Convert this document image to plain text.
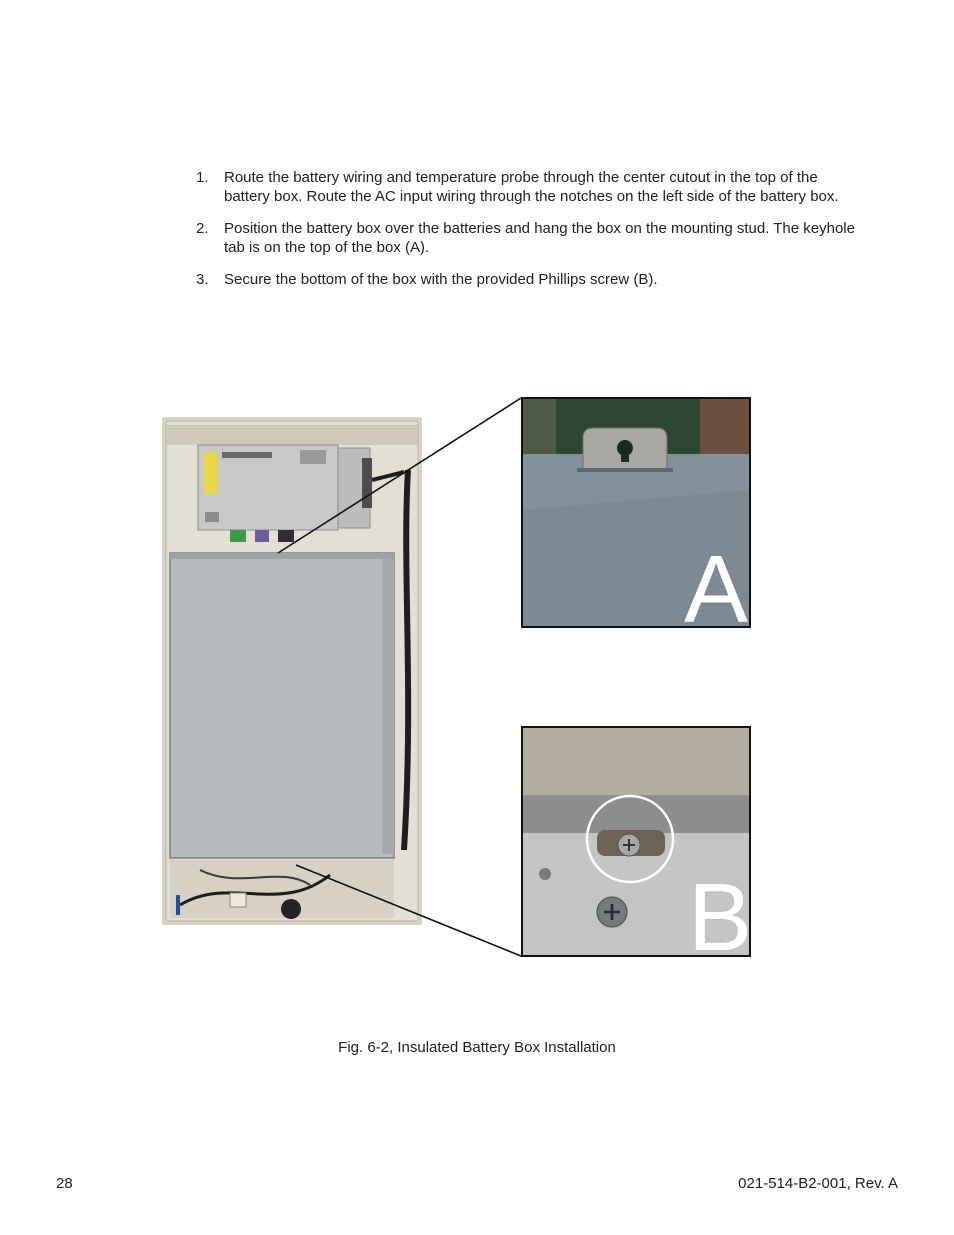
1.	Route the battery wiring and temperature probe through the center cutout in the top of the battery box. Route the AC input wiring through the notches on the left side of the battery box.
2.	Position the battery box over the batteries and hang the box on the mounting stud. The keyhole tab is on the top of the box (A).
3.	Secure the bottom of the box with the provided Phillips screw (B).
A
B
Fig. 6-2, Insulated Battery Box Installation
28	021-514-B2-001, Rev. A
